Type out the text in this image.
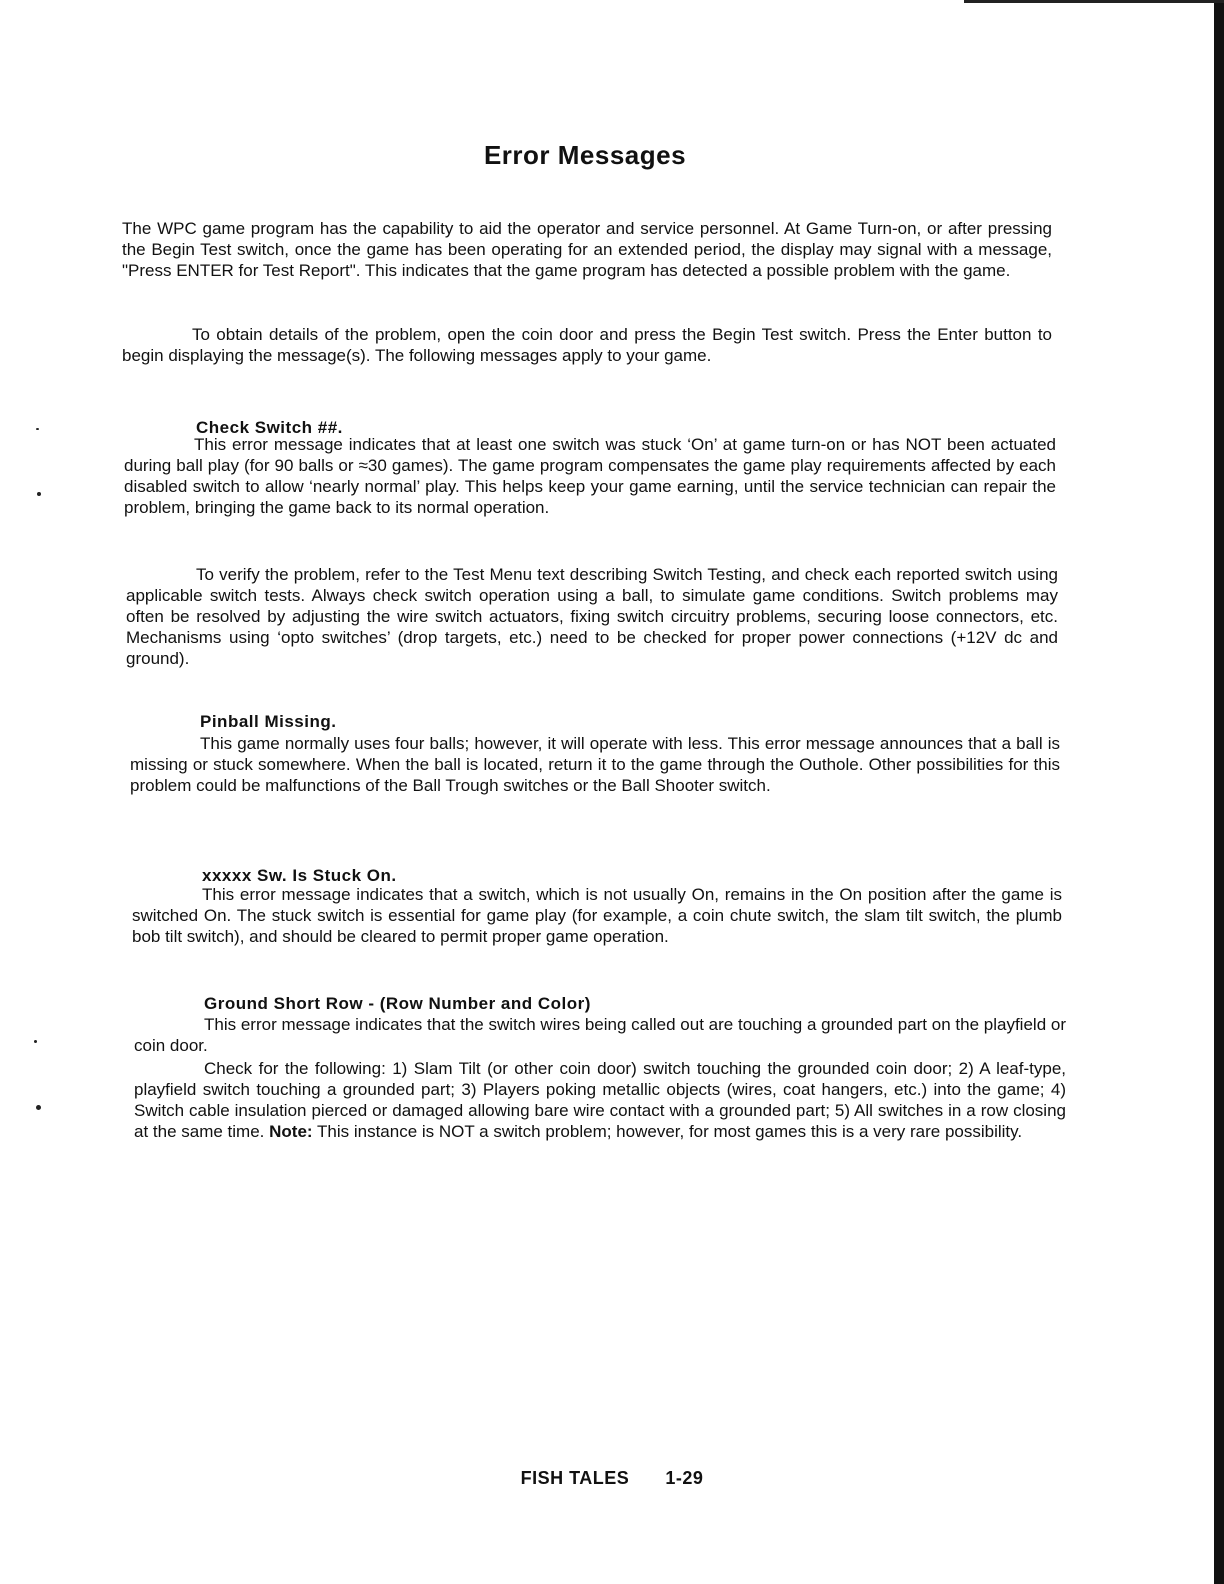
Error Messages

The WPC game program has the capability to aid the operator and service personnel. At Game Turn-on, or after pressing the Begin Test switch, once the game has been operating for an extended period, the display may signal with a message, "Press ENTER for Test Report". This indicates that the game program has detected a possible problem with the game.

To obtain details of the problem, open the coin door and press the Begin Test switch. Press the Enter button to begin displaying the message(s). The following messages apply to your game.

Check Switch ##.

This error message indicates that at least one switch was stuck ‘On’ at game turn-on or has NOT been actuated during ball play (for 90 balls or ≈30 games). The game program compensates the game play requirements affected by each disabled switch to allow ‘nearly normal’ play. This helps keep your game earning, until the service technician can repair the problem, bringing the game back to its normal operation.

To verify the problem, refer to the Test Menu text describing Switch Testing, and check each reported switch using applicable switch tests. Always check switch operation using a ball, to simulate game conditions. Switch problems may often be resolved by adjusting the wire switch actuators, fixing switch circuitry problems, securing loose connectors, etc. Mechanisms using ‘opto switches’ (drop targets, etc.) need to be checked for proper power connections (+12V dc and ground).

Pinball Missing.

This game normally uses four balls; however, it will operate with less. This error message announces that a ball is missing or stuck somewhere. When the ball is located, return it to the game through the Outhole. Other possibilities for this problem could be malfunctions of the Ball Trough switches or the Ball Shooter switch.

xxxxx Sw. Is Stuck On.

This error message indicates that a switch, which is not usually On, remains in the On position after the game is switched On. The stuck switch is essential for game play (for example, a coin chute switch, the slam tilt switch, the plumb bob tilt switch), and should be cleared to permit proper game operation.

Ground Short Row - (Row Number and Color)

This error message indicates that the switch wires being called out are touching a grounded part on the playfield or coin door.

Check for the following: 1) Slam Tilt (or other coin door) switch touching the grounded coin door; 2) A leaf-type, playfield switch touching a grounded part; 3) Players poking metallic objects (wires, coat hangers, etc.) into the game; 4) Switch cable insulation pierced or damaged allowing bare wire contact with a grounded part; 5) All switches in a row closing at the same time. Note: This instance is NOT a switch problem; however, for most games this is a very rare possibility.

FISH TALES 1-29
